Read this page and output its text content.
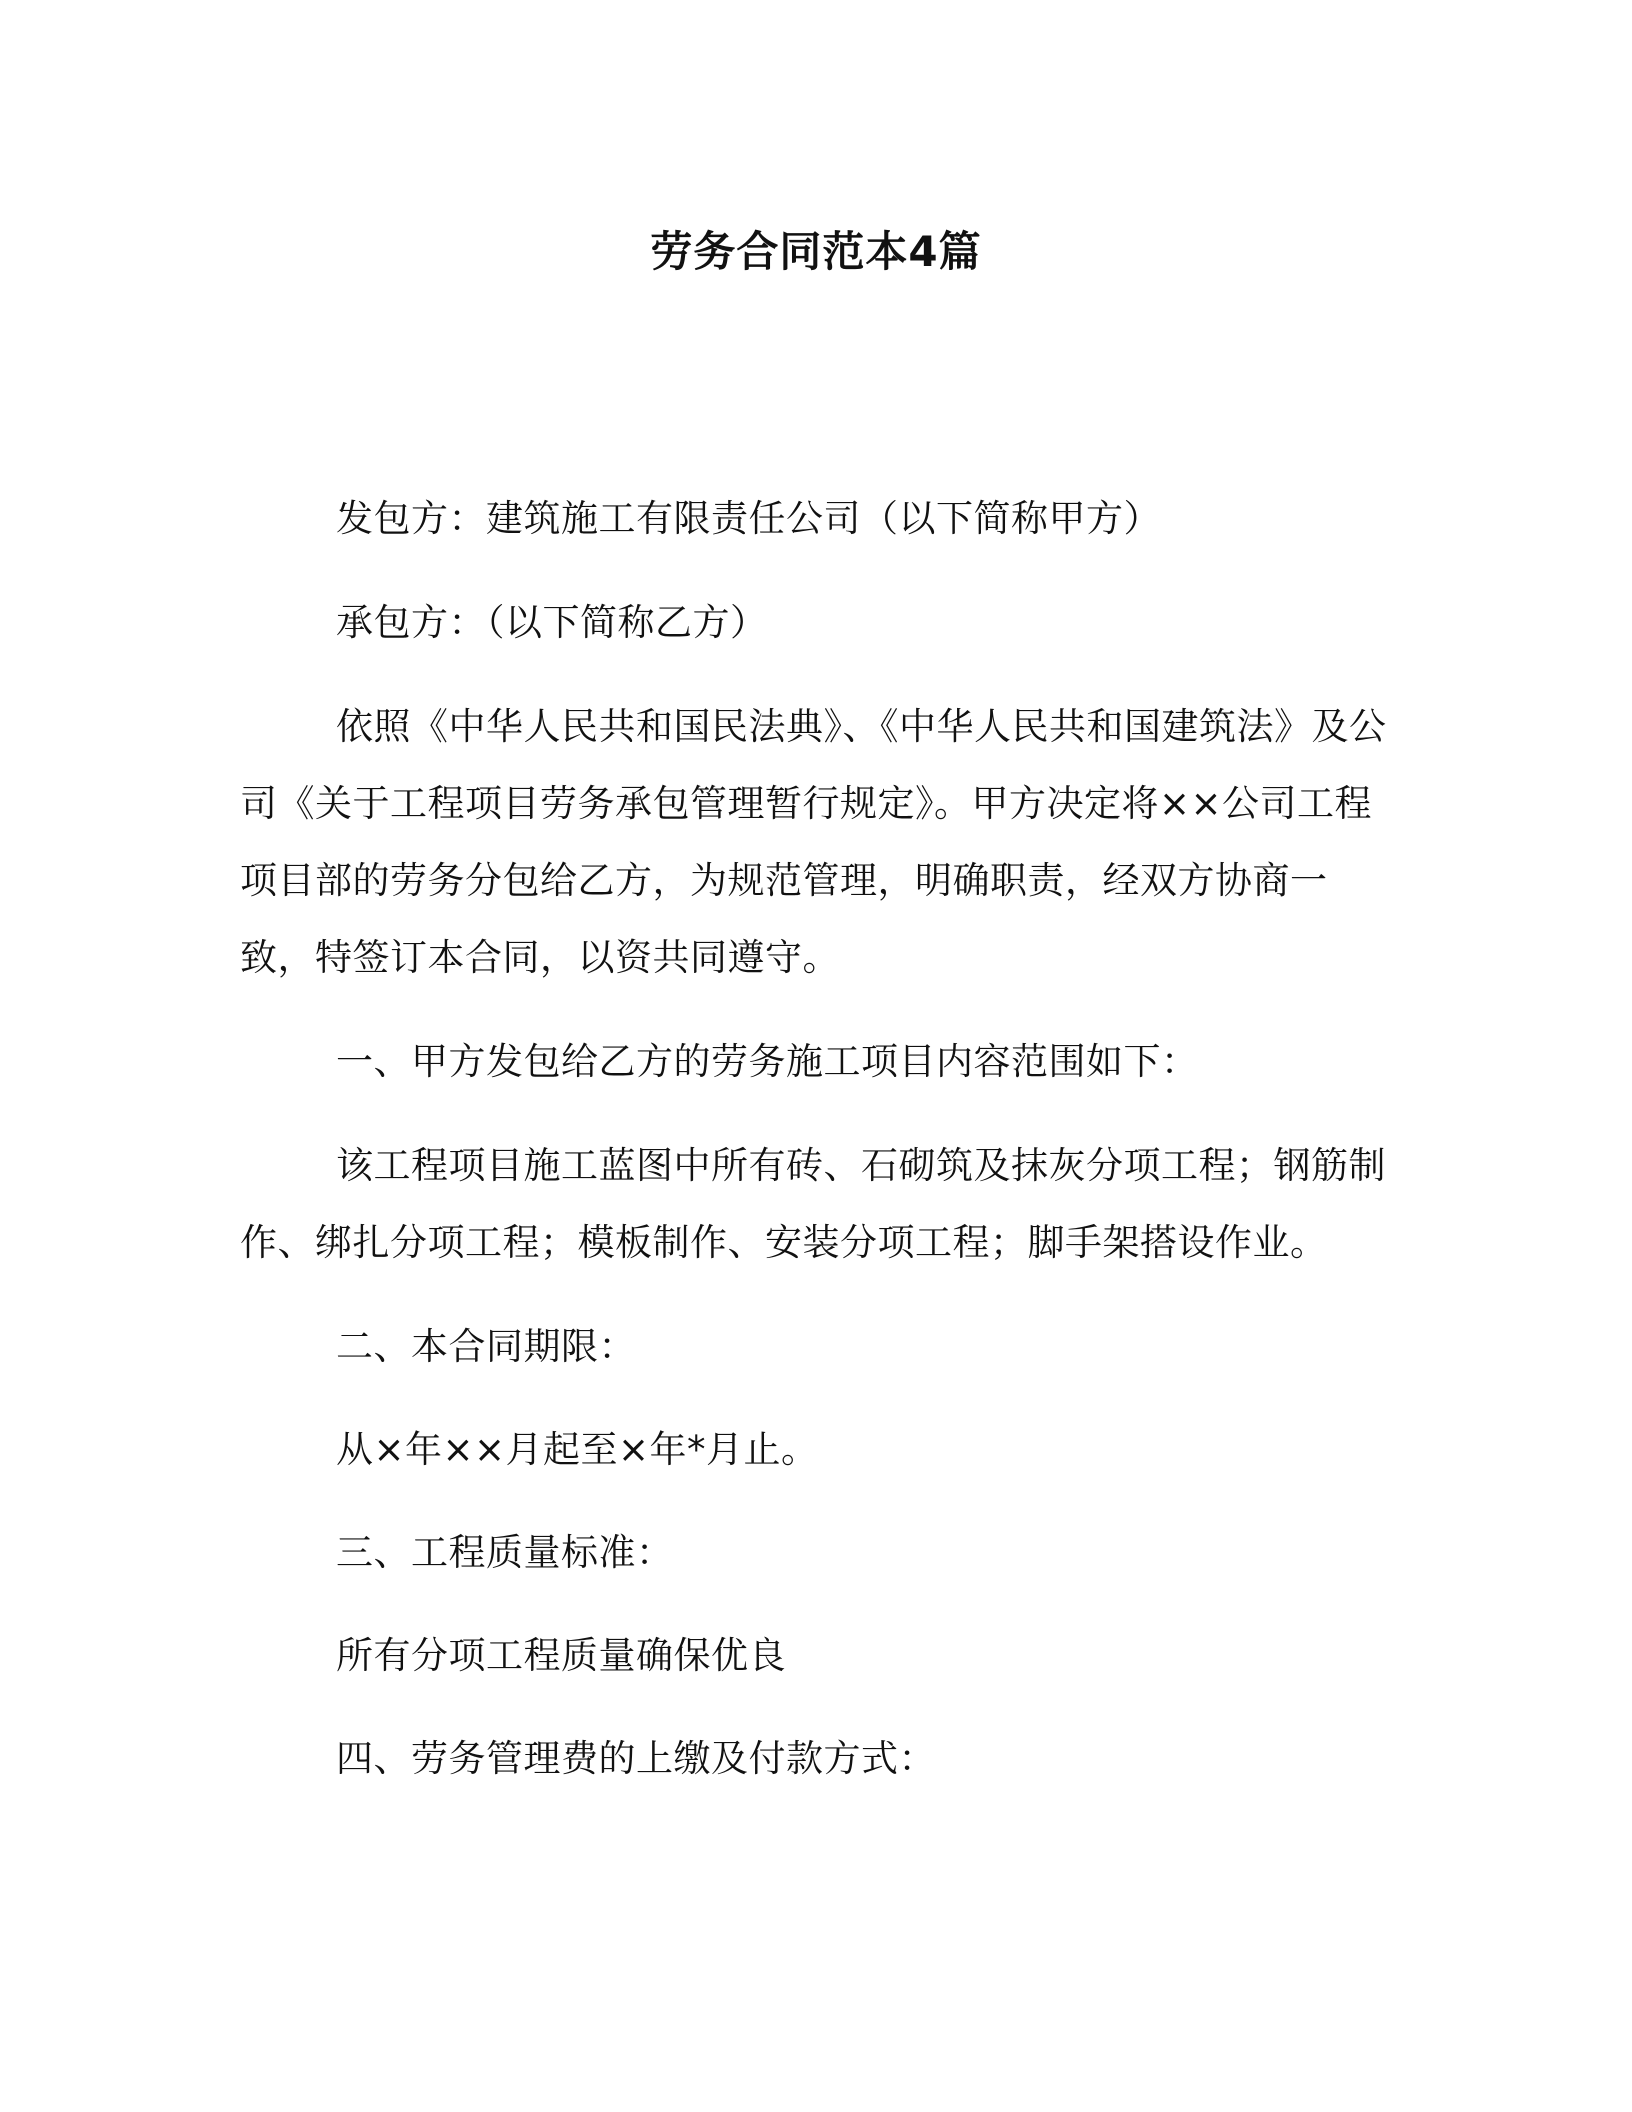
劳务合同范本4篇

发包方：建筑施工有限责任公司（以下简称甲方）

承包方：（以下简称乙方）

依照《中华人民共和国民法典》、《中华人民共和国建筑法》及公司《关于工程项目劳务承包管理暂行规定》。甲方决定将××公司工程项目部的劳务分包给乙方，为规范管理，明确职责，经双方协商一致，特签订本合同，以资共同遵守。

一、甲方发包给乙方的劳务施工项目内容范围如下：

该工程项目施工蓝图中所有砖、石砌筑及抹灰分项工程；钢筋制作、绑扎分项工程；模板制作、安装分项工程；脚手架搭设作业。

二、本合同期限：

从×年××月起至×年*月止。

三、工程质量标准：

所有分项工程质量确保优良

四、劳务管理费的上缴及付款方式：
